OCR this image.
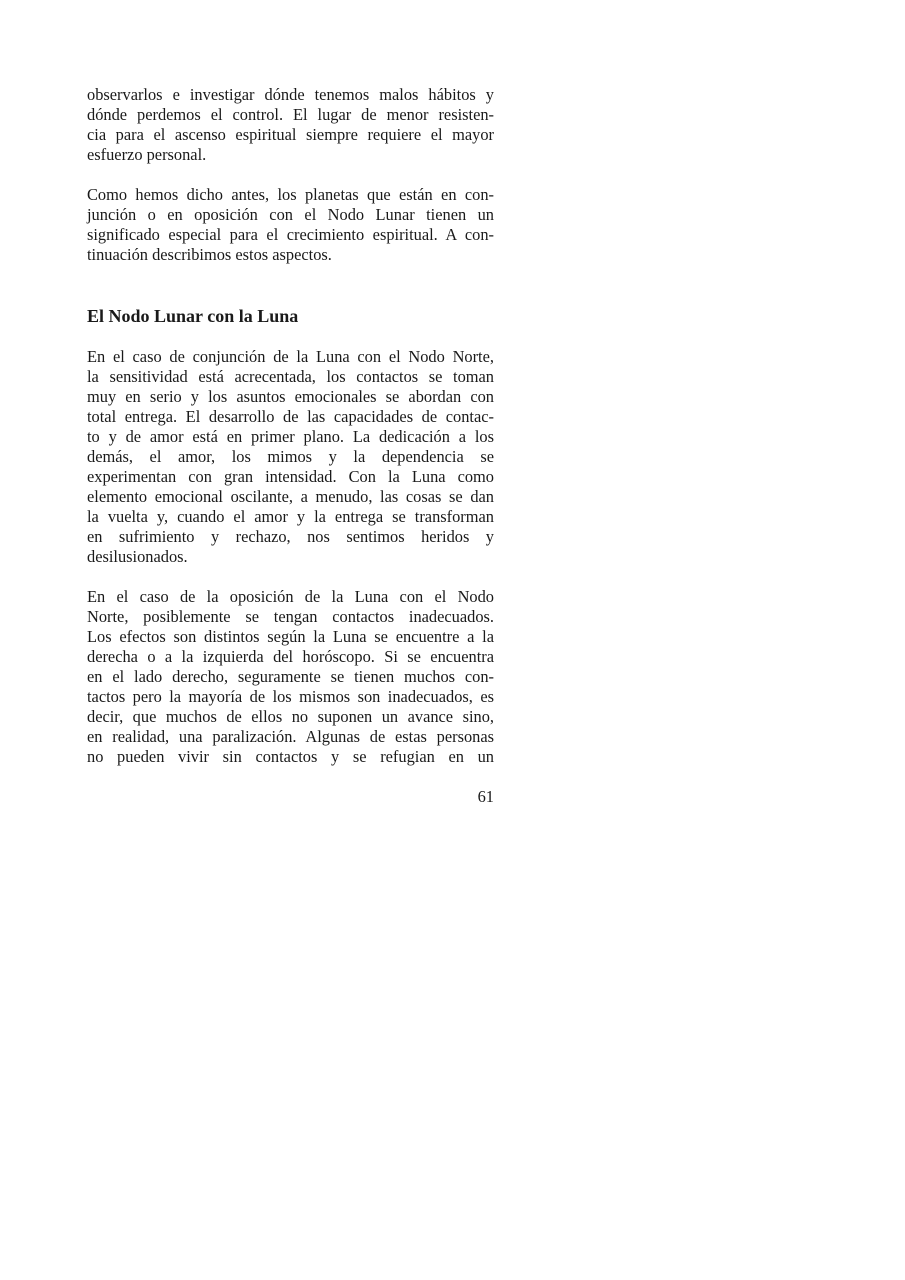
observarlos e investigar dónde tenemos malos hábitos y
dónde perdemos el control. El lugar de menor resisten-
cia para el ascenso espiritual siempre requiere el mayor
esfuerzo personal.

Como hemos dicho antes, los planetas que están en con-
junción o en oposición con el Nodo Lunar tienen un
significado especial para el crecimiento espiritual. A con-
tinuación describimos estos aspectos.

El Nodo Lunar con la Luna

En el caso de conjunción de la Luna con el Nodo Norte,
la sensitividad está acrecentada, los contactos se toman
muy en serio y los asuntos emocionales se abordan con
total entrega. El desarrollo de las capacidades de contac-
to y de amor está en primer plano. La dedicación a los
demás, el amor, los mimos y la dependencia se
experimentan con gran intensidad. Con la Luna como
elemento emocional oscilante, a menudo, las cosas se dan
la vuelta y, cuando el amor y la entrega se transforman
en sufrimiento y rechazo, nos sentimos heridos y
desilusionados.

En el caso de la oposición de la Luna con el Nodo
Norte, posiblemente se tengan contactos inadecuados.
Los efectos son distintos según la Luna se encuentre a la
derecha o a la izquierda del horóscopo. Si se encuentra
en el lado derecho, seguramente se tienen muchos con-
tactos pero la mayoría de los mismos son inadecuados, es
decir, que muchos de ellos no suponen un avance sino,
en realidad, una paralización. Algunas de estas personas
no pueden vivir sin contactos y se refugian en un

61
